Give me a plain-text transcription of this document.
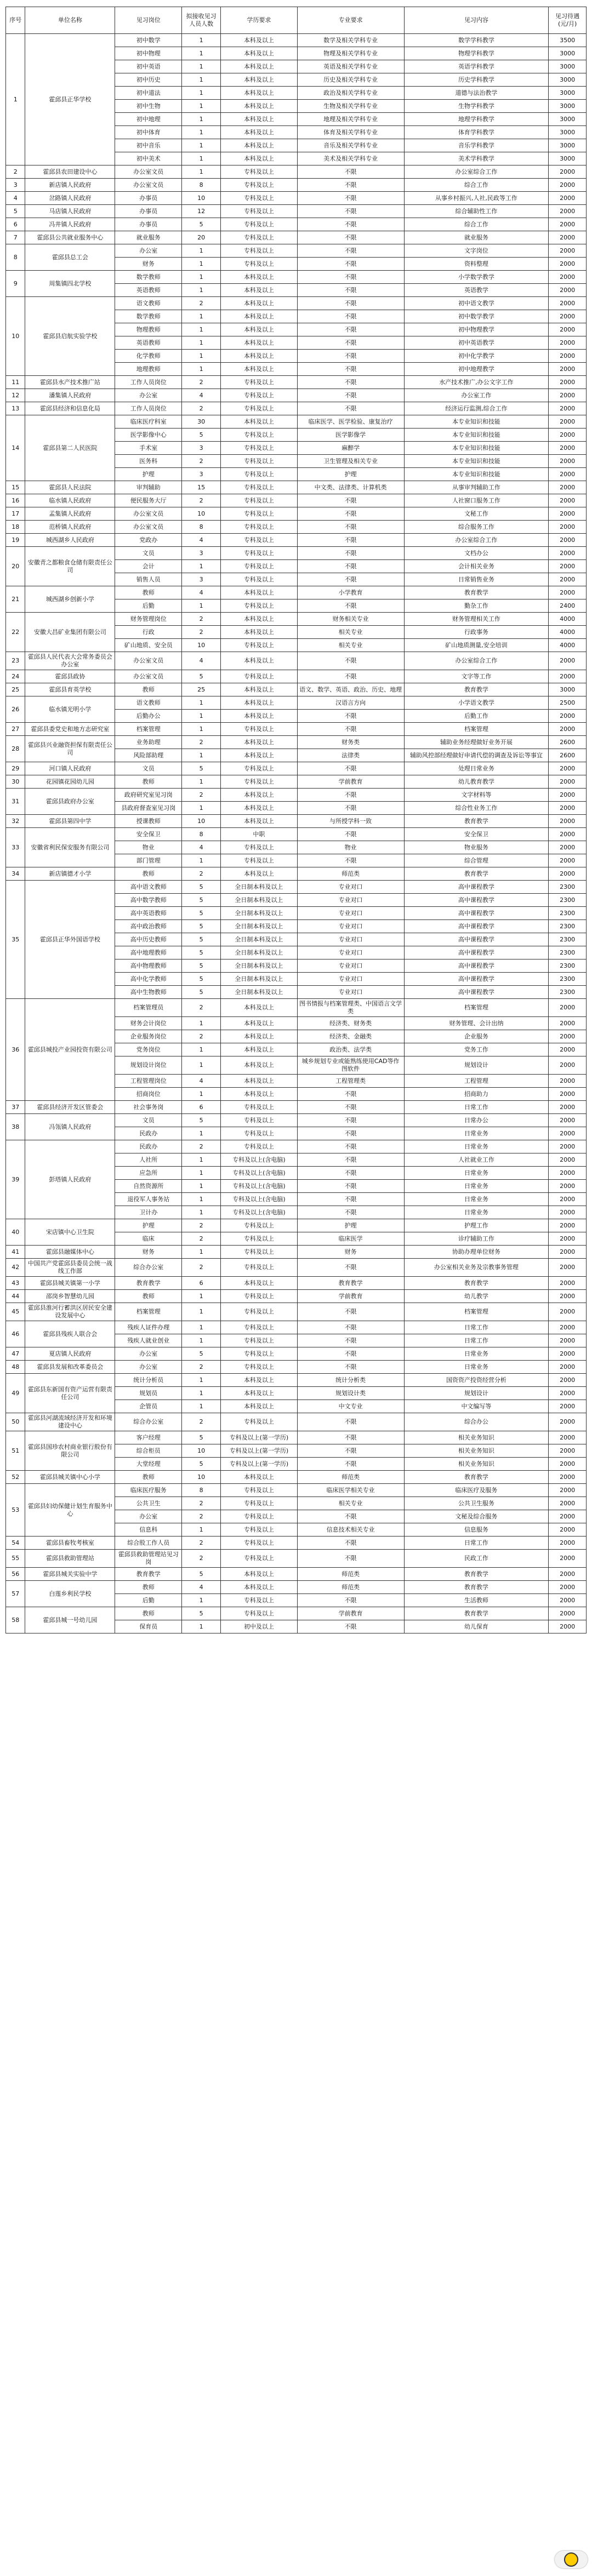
序号	单位名称	见习岗位	拟接收见习人员人数	学历要求	专业要求	见习内容	见习待遇(元/月)
1	霍邱县正华学校	初中数学	1	本科及以上	数学及相关学科专业	数学学科教学	3500
		初中物理	1	本科及以上	物理及相关学科专业	物理学科教学	3000
		初中英语	1	本科及以上	英语及相关学科专业	英语学科教学	3000
		初中历史	1	本科及以上	历史及相关学科专业	历史学科教学	3000
		初中道法	1	本科及以上	政治及相关学科专业	道德与法治教学	3000
		初中生物	1	本科及以上	生物及相关学科专业	生物学科教学	3000
		初中地理	1	本科及以上	地理及相关学科专业	地理学科教学	3000
		初中体育	1	本科及以上	体育及相关学科专业	体育学科教学	3000
		初中音乐	1	本科及以上	音乐及相关学科专业	音乐学科教学	3000
		初中美术	1	本科及以上	美术及相关学科专业	美术学科教学	3000
2	霍邱县农田建设中心	办公室文员	1	专科及以上	不限	办公室综合工作	2000
3	新店镇人民政府	办公室文员	8	专科及以上	不限	综合工作	2000
4	岔路镇人民政府	办事员	10	专科及以上	不限	从事乡村振兴,人社,民政等工作	2000
5	马店镇人民政府	办事员	12	专科及以上	不限	综合辅助性工作	2000
6	冯井镇人民政府	办事员	5	专科及以上	不限	综合工作	2000
7	霍邱县公共就业服务中心	就业服务	20	专科及以上	不限	就业服务	2000
8	霍邱县总工会	办公室	1	专科及以上	不限	文字岗位	2000
		财务	1	专科及以上	不限	资料整理	2000
9	周集镇四北学校	数学教师	1	本科及以上	不限	小学数学教学	2000
		英语教师	1	本科及以上	不限	英语教学	2000
10	霍邱县启航实验学校	语文教师	2	本科及以上	不限	初中语文教学	2000
		数学教师	1	本科及以上	不限	初中数学教学	2000
		物理教师	1	本科及以上	不限	初中物理教学	2000
		英语教师	1	本科及以上	不限	初中英语教学	2000
		化学教师	1	本科及以上	不限	初中化学教学	2000
		地理教师	1	本科及以上	不限	初中地理教学	2000
11	霍邱县水产技术推广站	工作人员岗位	2	专科及以上	不限	水产技术推广,办公文字工作	2000
12	潘集镇人民政府	办公室	4	专科及以上	不限	办公室工作	2000
13	霍邱县经济和信息化局	工作人员岗位	2	专科及以上	不限	经济运行监测,综合工作	2000
14	霍邱县第二人民医院	临床医疗科室	30	本科及以上	临床医学、医学检验、康复治疗	本专业知识和技能	2000
		医学影像中心	5	专科及以上	医学影像学	本专业知识和技能	2000
		手术室	3	专科及以上	麻醉学	本专业知识和技能	2000
		医务科	2	专科及以上	卫生管理及相关专业	本专业知识和技能	2000
		护理	3	专科及以上	护理	本专业知识和技能	2000
15	霍邱县人民法院	审判辅助	15	专科及以上	中文类、法律类、计算机类	从事审判辅助工作	2000
16	临水镇人民政府	便民服务大厅	2	专科及以上	不限	人社窗口服务工作	2000
17	孟集镇人民政府	办公室文员	10	专科及以上	不限	文秘工作	2000
18	范桥镇人民政府	办公室文员	8	专科及以上	不限	综合服务工作	2000
19	城西湖乡人民政府	党政办	4	专科及以上	不限	办公室综合工作	2000
20	安徽青之都粮食仓储有限责任公司	文员	3	专科及以上	不限	文档办公	2000
		会计	1	专科及以上	不限	会计相关业务	2000
		销售人员	3	专科及以上	不限	日常销售业务	2000
21	城西湖乡创新小学	教师	4	本科及以上	小学教育	教育教学	2000
		后勤	1	专科及以上	不限	勤杂工作	2400
22	安徽大昌矿业集团有限公司	财务管理岗位	2	本科及以上	财务相关专业	财务管理相关工作	4000
		行政	2	本科及以上	相关专业	行政事务	4000
		矿山地质、安全员	10	专科及以上	相关专业	矿山地质测量,安全培训	4000
23	霍邱县人民代表大会常务委员会办公室	办公室文员	4	本科及以上	不限	办公室综合工作	2000
24	霍邱县政协	办公室文员	5	专科及以上	不限	文字等工作	2000
25	霍邱县育英学校	教师	25	本科及以上	语文、数学、英语、政治、历史、地理	教育教学	3000
26	临水镇光明小学	语文教师	1	本科及以上	汉语言方向	小学语文教学	2500
		后勤办公	1	本科及以上	不限	后勤工作	2000
27	霍邱县委党史和地方志研究室	档案管理	1	专科及以上	不限	档案管理	2000
28	霍邱县兴业融资担保有限责任公司	业务助理	2	本科及以上	财务类	辅助业务经理做好业务开展	2600
		风险部助理	1	本科及以上	法律类	辅助风控部经理做好申请代偿的调查及诉讼等事宜	2600
29	河口镇人民政府	文员	5	专科及以上	不限	处理日常业务	2000
30	花园镇花园幼儿园	教师	1	专科及以上	学前教育	幼儿教育教学	2000
31	霍邱县政府办公室	政府研究室见习岗	2	本科及以上	不限	文字材料等	2000
		县政府督查室见习岗	1	本科及以上	不限	综合性业务工作	2000
32	霍邱县第四中学	授课教师	10	本科及以上	与所授学科一致	教育教学	2000
33	安徽省利民保安服务有限公司	安全保卫	8	中职	不限	安全保卫	2000
		物业	4	专科及以上	物业	物业服务	2000
		部门管理	1	专科及以上	不限	综合管理	2000
34	新店镇德才小学	教师	2	本科及以上	师范类	教育教学	2000
35	霍邱县正华外国语学校	高中语文教师	5	全日制本科及以上	专业对口	高中课程教学	2300
		高中数学教师	5	全日制本科及以上	专业对口	高中课程教学	2300
		高中英语教师	5	全日制本科及以上	专业对口	高中课程教学	2300
		高中政治教师	5	全日制本科及以上	专业对口	高中课程教学	2300
		高中历史教师	5	全日制本科及以上	专业对口	高中课程教学	2300
		高中地理教师	5	全日制本科及以上	专业对口	高中课程教学	2300
		高中物理教师	5	全日制本科及以上	专业对口	高中课程教学	2300
		高中化学教师	5	全日制本科及以上	专业对口	高中课程教学	2300
		高中生物教师	5	全日制本科及以上	专业对口	高中课程教学	2300
36	霍邱县城投产业园投资有限公司	档案管理员	2	本科及以上	图书情报与档案管理类、中国语言文学类	档案管理	2000
		财务会计岗位	1	本科及以上	经济类、财务类	财务管理、会计出纳	2000
		企业服务岗位	2	本科及以上	经济类、金融类	企业服务	2000
		党务岗位	1	本科及以上	政治类、法学类	党务工作	2000
		规划设计岗位	1	本科及以上	城乡规划专业或能熟练使用CAD等作图软件	规划设计	2000
		工程管理岗位	4	本科及以上	工程管理类	工程管理	2000
		招商岗位	1	本科及以上	不限	招商助力	2000
37	霍邱县经济开发区管委会	社会事务岗	6	专科及以上	不限	日常工作	2000
38	冯瓴镇人民政府	文员	5	专科及以上	不限	日常办公	2000
		民政办	1	专科及以上	不限	日常业务	2000
39	彭塔镇人民政府	民政办	2	专科及以上	不限	日常业务	2000
		人社所	1	专科及以上(含电脑)	不限	人社就业工作	2000
		应急所	1	专科及以上(含电脑)	不限	日常业务	2000
		自然资源所	1	专科及以上(含电脑)	不限	日常业务	2000
		退役军人事务站	1	专科及以上(含电脑)	不限	日常业务	2000
		卫计办	1	专科及以上(含电脑)	不限	日常业务	2000
40	宋店镇中心卫生院	护理	2	专科及以上	护理	护理工作	2000
		临床	2	专科及以上	临床医学	诊疗辅助工作	2000
41	霍邱县融媒体中心	财务	1	专科及以上	财务	协助办理单位财务	2000
42	中国共产党霍邱县委员会统一战线工作部	综合办公室	2	专科及以上	不限	办公室相关业务及宗教事务管理	2000
43	霍邱县城关镇第一小学	教育教学	6	本科及以上	教育教学	教育教学	2000
44	邵岗乡智慧幼儿园	教师	1	专科及以上	学前教育	幼儿教学	2000
45	霍邱县淮河行蓄洪区居民安全建设发展中心	档案管理	1	专科及以上	不限	档案管理	2000
46	霍邱县残疾人联合会	残疾人证件办理	1	专科及以上	不限	日常工作	2000
		残疾人就业创业	1	专科及以上	不限	日常工作	2000
47	夏店镇人民政府	办公室	5	专科及以上	不限	日常业务	2000
48	霍邱县发展和改革委员会	办公室	2	专科及以上	不限	日常业务	2000
49	霍邱县东新国有资产运营有限责任公司	统计分析员	1	本科及以上	统计分析类	国资资产投资经营分析	2000
		规划员	1	本科及以上	规划设计类	规划设计	2000
		企管员	1	本科及以上	中文专业	中文编写等	2000
50	霍邱县河湖流域经济开发和环境建设中心	综合办公室	2	专科及以上	不限	综合办公	2000
51	霍邱县国珍农村商业银行股份有限公司	客户经理	5	专科及以上(第一学历)	不限	相关业务知识	2000
		综合柜员	10	专科及以上(第一学历)	不限	相关业务知识	2000
		大堂经理	5	专科及以上(第一学历)	不限	相关业务知识	2000
52	霍邱县城关镇中心小学	教师	10	本科及以上	师范类	教育教学	2000
53	霍邱县妇幼保健计划生育服务中心	临床医疗服务	8	专科及以上	临床医学相关专业	临床医疗及服务	2000
		公共卫生	2	专科及以上	相关专业	公共卫生服务	2000
		办公室	2	专科及以上	不限	文秘及综合服务	2000
		信息科	1	专科及以上	信息技术相关专业	信息服务	2000
54	霍邱县畜牧考核室	综合股工作人员	2	专科及以上	不限	日常工作	2000
55	霍邱县救助管理站	霍邱县救助管理站见习岗	2	专科及以上	不限	民政工作	2000
56	霍邱县城关实验中学	教育教学	5	本科及以上	师范类	教育教学	2000
57	白莲乡利民学校	教师	4	本科及以上	师范类	教育教学	2000
		后勤	1	专科及以上	不限	生活教师	2000
58	霍邱县城一号幼儿园	教师	5	专科及以上	学前教育	教育教学	2000
		保育员	1	初中及以上	不限	幼儿保育	2000
